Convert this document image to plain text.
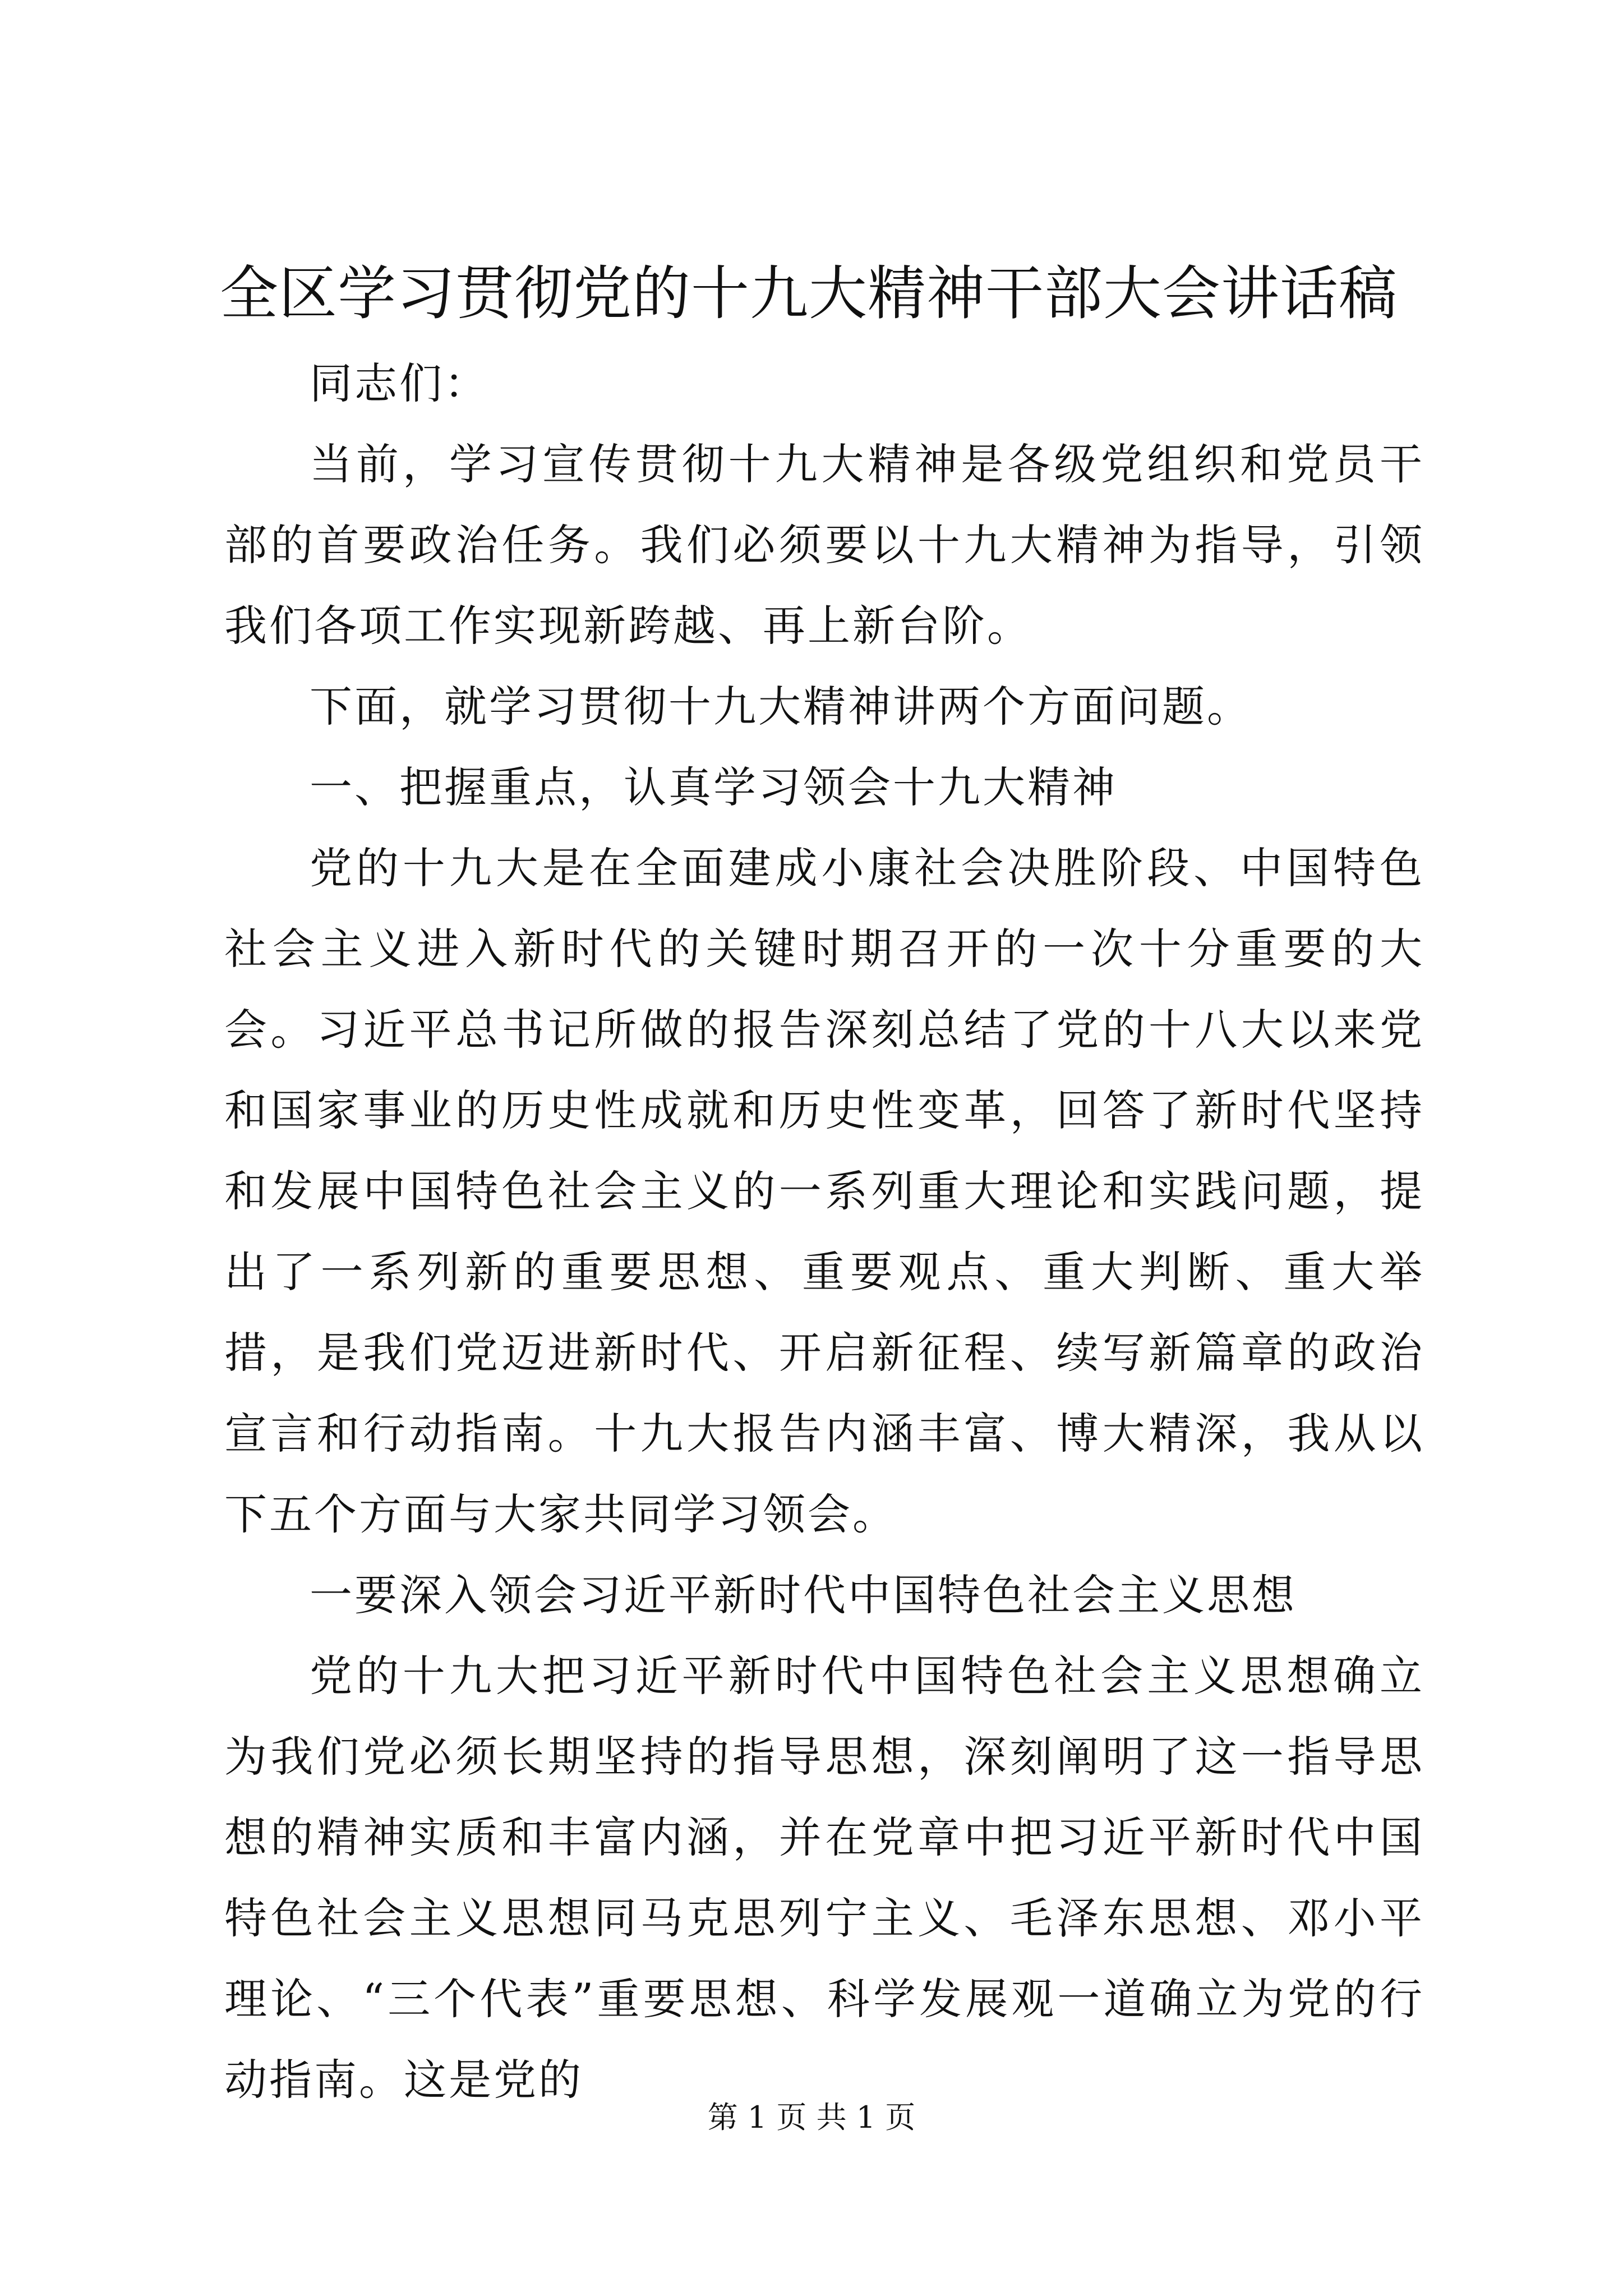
全区学习贯彻党的十九大精神干部大会讲话稿

同志们：

当前，学习宣传贯彻十九大精神是各级党组织和党员干部的首要政治任务。我们必须要以十九大精神为指导，引领我们各项工作实现新跨越、再上新台阶。

下面，就学习贯彻十九大精神讲两个方面问题。

一、把握重点，认真学习领会十九大精神

党的十九大是在全面建成小康社会决胜阶段、中国特色社会主义进入新时代的关键时期召开的一次十分重要的大会。习近平总书记所做的报告深刻总结了党的十八大以来党和国家事业的历史性成就和历史性变革，回答了新时代坚持和发展中国特色社会主义的一系列重大理论和实践问题，提出了一系列新的重要思想、重要观点、重大判断、重大举措，是我们党迈进新时代、开启新征程、续写新篇章的政治宣言和行动指南。十九大报告内涵丰富、博大精深，我从以下五个方面与大家共同学习领会。

一要深入领会习近平新时代中国特色社会主义思想

党的十九大把习近平新时代中国特色社会主义思想确立为我们党必须长期坚持的指导思想，深刻阐明了这一指导思想的精神实质和丰富内涵，并在党章中把习近平新时代中国特色社会主义思想同马克思列宁主义、毛泽东思想、邓小平理论、“三个代表”重要思想、科学发展观一道确立为党的行动指南。这是党的

第 1 页 共 1 页
